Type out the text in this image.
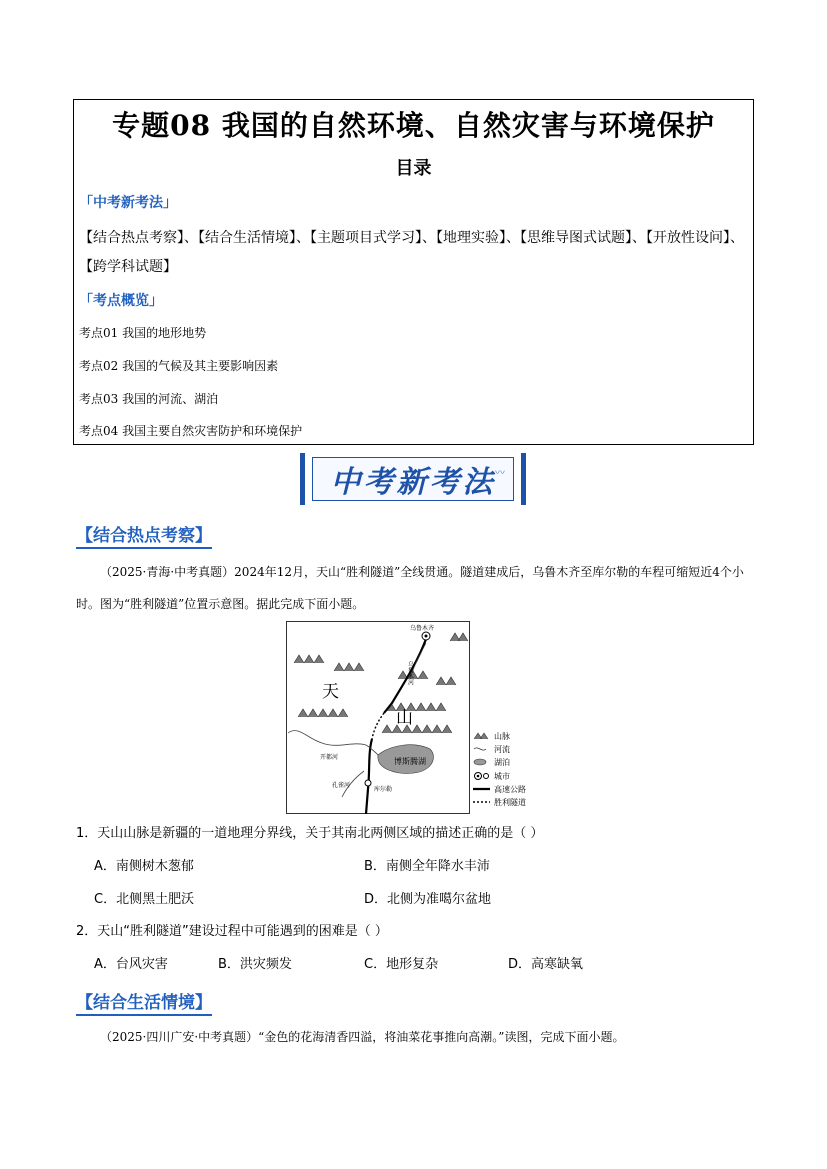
专题08 我国的自然环境、自然灾害与环境保护
目录
「中考新考法」
【结合热点考察】、【结合生活情境】、【主题项目式学习】、【地理实验】、【思维导图式试题】、【开放性设问】、【跨学科试题】
「考点概览」
考点01 我国的地形地势
考点02 我国的气候及其主要影响因素
考点03 我国的河流、湖泊
考点04 我国主要自然灾害防护和环境保护
中考新考法 〰
【结合热点考察】
（2025·青海·中考真题）2024年12月，天山“胜利隧道”全线贯通。隧道建成后，乌鲁木齐至库尔勒的车程可缩短近4个小时。图为“胜利隧道”位置示意图。据此完成下面小题。
乌鲁木齐
乌鲁木河
天
山
博斯腾湖
开都河
库尔勒
孔雀河
山脉
河流
湖泊
城市
高速公路
胜利隧道
1．天山山脉是新疆的一道地理分界线，关于其南北两侧区域的描述正确的是（ ）
A．南侧树木葱郁	B．南侧全年降水丰沛
C．北侧黑土肥沃	D．北侧为准噶尔盆地
2．天山“胜利隧道”建设过程中可能遇到的困难是（ ）
A．台风灾害	B．洪灾频发	C．地形复杂	D．高寒缺氧
【结合生活情境】
（2025·四川广安·中考真题）“金色的花海清香四溢，将油菜花事推向高潮。”读图，完成下面小题。
